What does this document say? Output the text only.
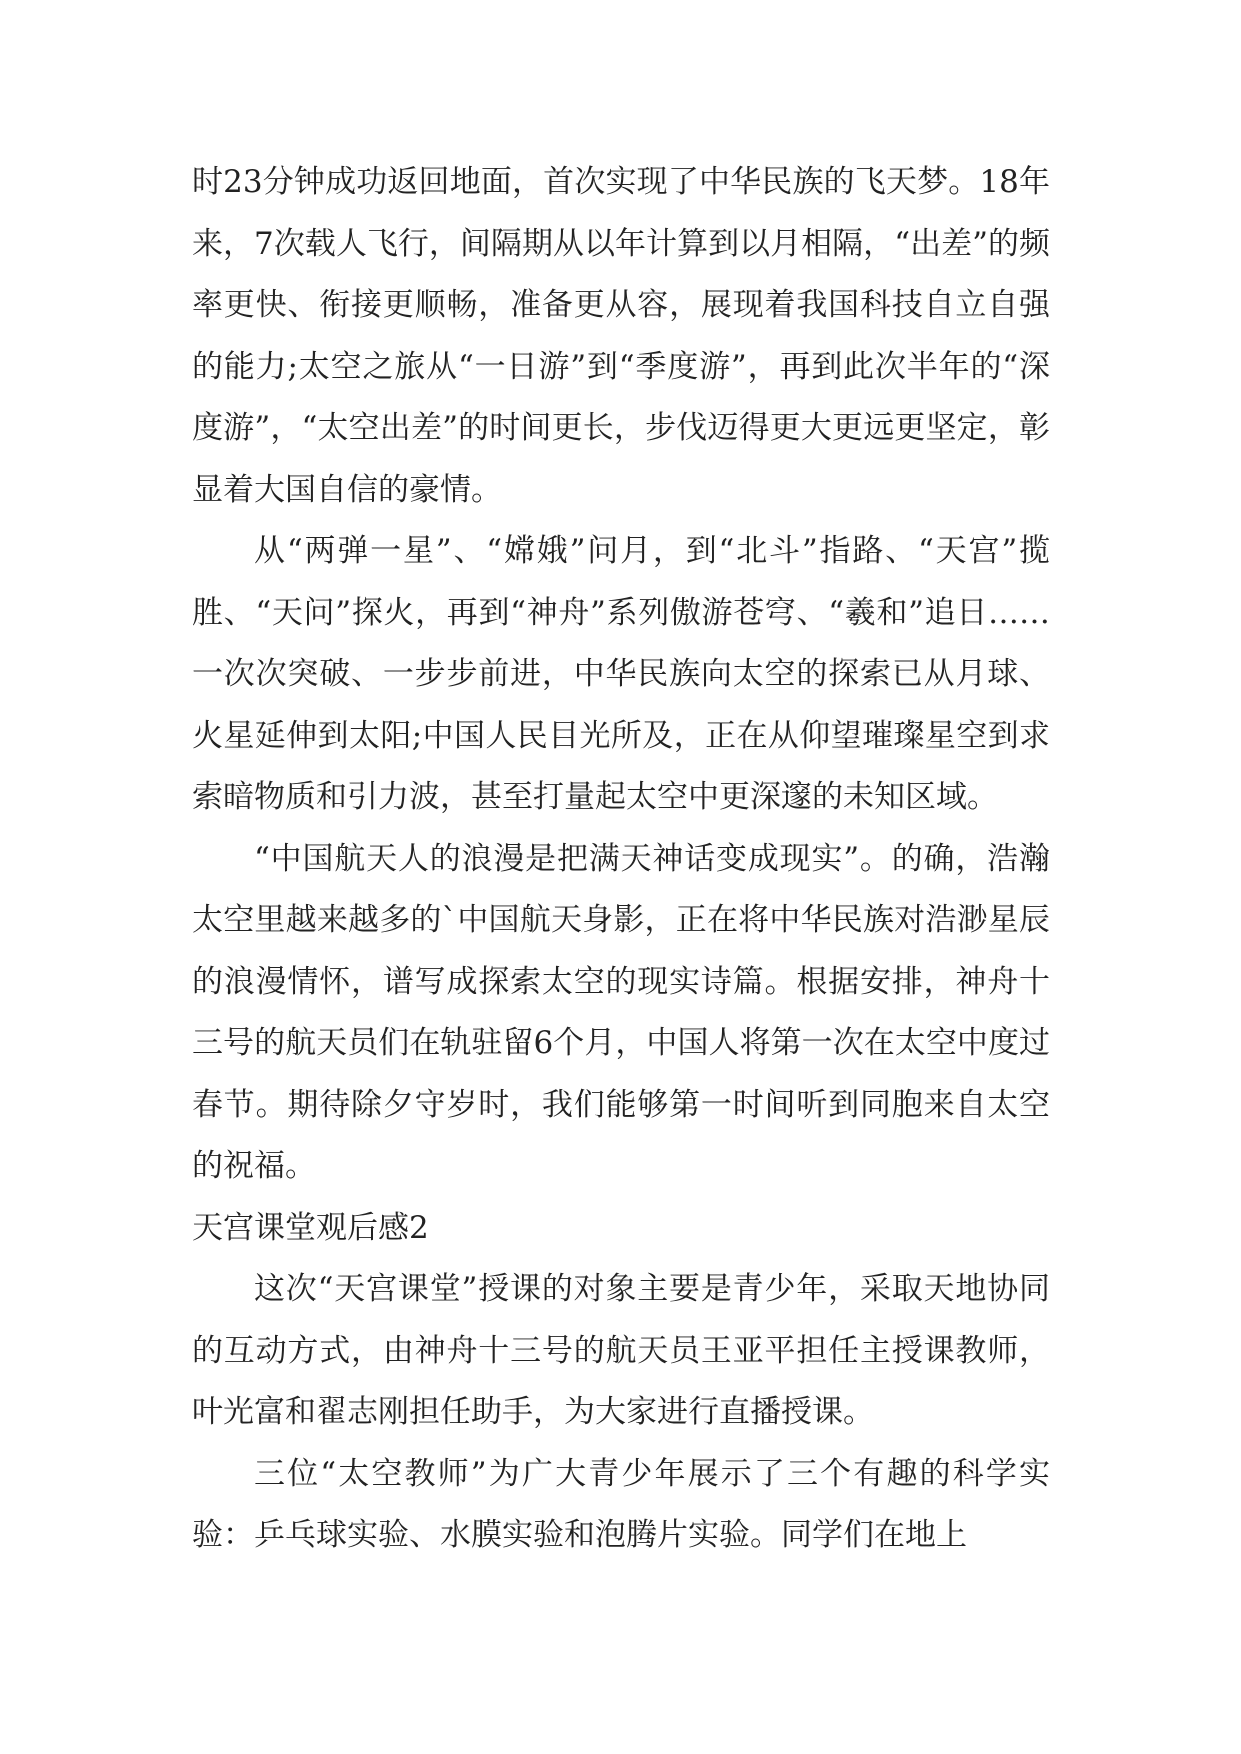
时23分钟成功返回地面，首次实现了中华民族的飞天梦。18年来，7次载人飞行，间隔期从以年计算到以月相隔，“出差”的频率更快、衔接更顺畅，准备更从容，展现着我国科技自立自强的能力;太空之旅从“一日游”到“季度游”，再到此次半年的“深度游”，“太空出差”的时间更长，步伐迈得更大更远更坚定，彰显着大国自信的豪情。

从“两弹一星”、“嫦娥”问月，到“北斗”指路、“天宫”揽胜、“天问”探火，再到“神舟”系列傲游苍穹、“羲和”追日……一次次突破、一步步前进，中华民族向太空的探索已从月球、火星延伸到太阳;中国人民目光所及，正在从仰望璀璨星空到求索暗物质和引力波，甚至打量起太空中更深邃的未知区域。

“中国航天人的浪漫是把满天神话变成现实”。的确，浩瀚太空里越来越多的`中国航天身影，正在将中华民族对浩渺星辰的浪漫情怀，谱写成探索太空的现实诗篇。根据安排，神舟十三号的航天员们在轨驻留6个月，中国人将第一次在太空中度过春节。期待除夕守岁时，我们能够第一时间听到同胞来自太空的祝福。

天宫课堂观后感2

这次“天宫课堂”授课的对象主要是青少年，采取天地协同的互动方式，由神舟十三号的航天员王亚平担任主授课教师，叶光富和翟志刚担任助手，为大家进行直播授课。

三位“太空教师”为广大青少年展示了三个有趣的科学实验：乒乓球实验、水膜实验和泡腾片实验。同学们在地上
